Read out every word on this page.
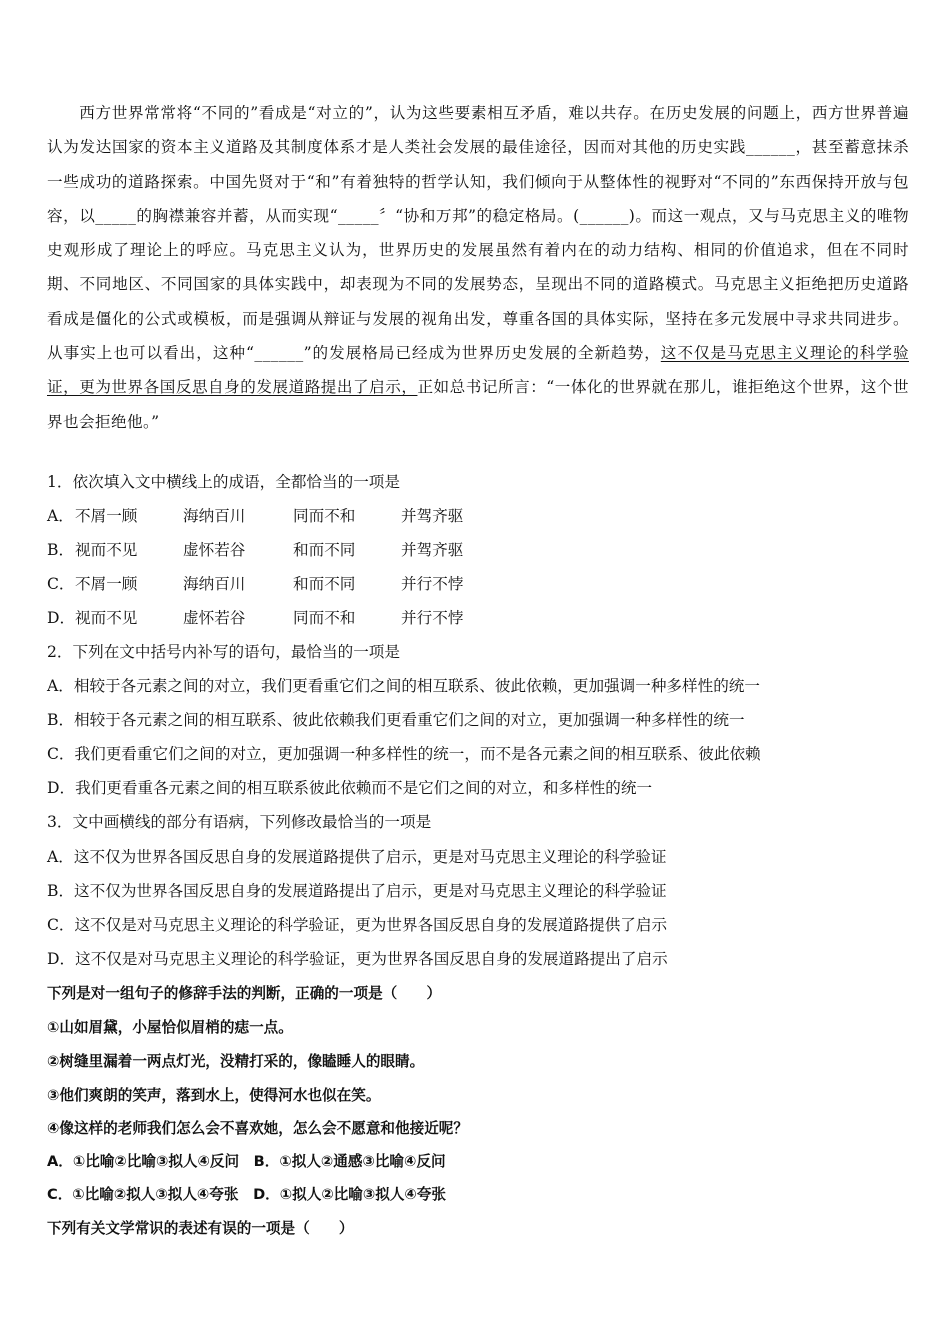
西方世界常常将“不同的”看成是“对立的”，认为这些要素相互矛盾，难以共存。在历史发展的问题上，西方世界普遍认为发达国家的资本主义道路及其制度体系才是人类社会发展的最佳途径，因而对其他的历史实践______，甚至蓄意抹杀一些成功的道路探索。中国先贤对于“和”有着独特的哲学认知，我们倾向于从整体性的视野对“不同的”东西保持开放与包容，以_____的胸襟兼容并蓄，从而实现“_____〞“协和万邦”的稳定格局。(______)。而这一观点，又与马克思主义的唯物史观形成了理论上的呼应。马克思主义认为，世界历史的发展虽然有着内在的动力结构、相同的价值追求，但在不同时期、不同地区、不同国家的具体实践中，却表现为不同的发展势态，呈现出不同的道路模式。马克思主义拒绝把历史道路看成是僵化的公式或模板，而是强调从辩证与发展的视角出发，尊重各国的具体实际，坚持在多元发展中寻求共同进步。从事实上也可以看出，这种“______”的发展格局已经成为世界历史发展的全新趋势，这不仅是马克思主义理论的科学验证，更为世界各国反思自身的发展道路提出了启示，正如总书记所言：“一体化的世界就在那儿，谁拒绝这个世界，这个世界也会拒绝他。”
1．依次填入文中横线上的成语，全都恰当的一项是
A．不屑一顾	海纳百川	同而不和	并驾齐驱
B．视而不见	虚怀若谷	和而不同	并驾齐驱
C．不屑一顾	海纳百川	和而不同	并行不悖
D．视而不见	虚怀若谷	同而不和	并行不悖
2．下列在文中括号内补写的语句，最恰当的一项是
A．相较于各元素之间的对立，我们更看重它们之间的相互联系、彼此依赖，更加强调一种多样性的统一
B．相较于各元素之间的相互联系、彼此依赖我们更看重它们之间的对立，更加强调一种多样性的统一
C．我们更看重它们之间的对立，更加强调一种多样性的统一，而不是各元素之间的相互联系、彼此依赖
D．我们更看重各元素之间的相互联系彼此依赖而不是它们之间的对立，和多样性的统一
3．文中画横线的部分有语病，下列修改最恰当的一项是
A．这不仅为世界各国反思自身的发展道路提供了启示，更是对马克思主义理论的科学验证
B．这不仅为世界各国反思自身的发展道路提出了启示，更是对马克思主义理论的科学验证
C．这不仅是对马克思主义理论的科学验证，更为世界各国反思自身的发展道路提供了启示
D．这不仅是对马克思主义理论的科学验证，更为世界各国反思自身的发展道路提出了启示
下列是对一组句子的修辞手法的判断，正确的一项是（　　）
①山如眉黛，小屋恰似眉梢的痣一点。
②树缝里漏着一两点灯光，没精打采的，像瞌睡人的眼睛。
③他们爽朗的笑声，落到水上，使得河水也似在笑。
④像这样的老师我们怎么会不喜欢她，怎么会不愿意和他接近呢？
A．①比喻②比喻③拟人④反问　B．①拟人②通感③比喻④反问
C．①比喻②拟人③拟人④夸张　D．①拟人②比喻③拟人④夸张
下列有关文学常识的表述有误的一项是（　　）
